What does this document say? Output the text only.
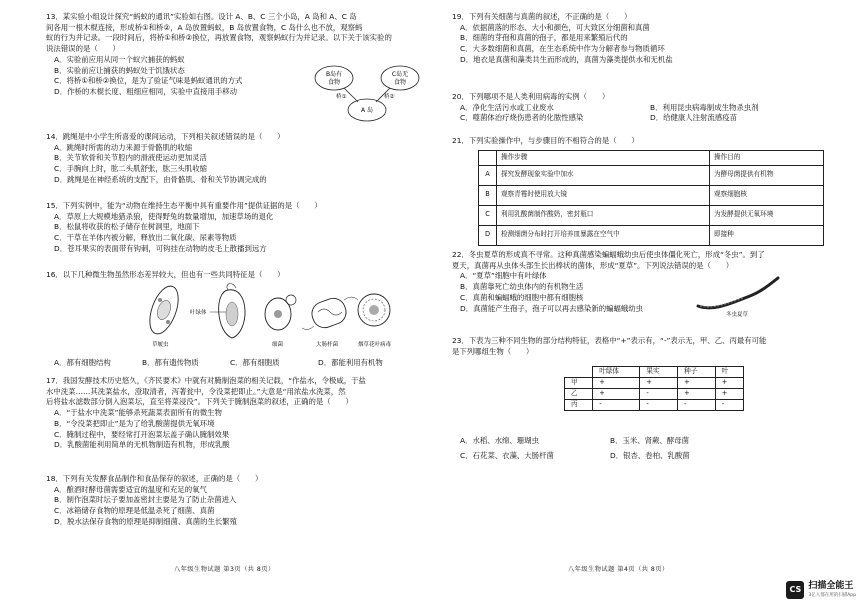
13．某实验小组设计探究“蚂蚁的通讯”实验如右图。设计 A、B、C 三个小岛，A 岛和 A、C 岛
间各用一根木棍连接，形成桥①和桥②，A 岛放置蚂蚁，B 岛放置食物，C 岛什么也不放，观察蚂
蚁的行为并记录。一段时间后，将桥①和桥②换位，再放置食物，观察蚂蚁行为并记录。以下关于该实验的
说法错误的是（　　）
A．实验前应用从同一个蚁穴捕获的蚂蚁
B．实验前应让捕获的蚂蚁处于饥饿状态
C．将桥①和桥②换位，是为了验证气味是蚂蚁通讯的方式
D．作桥的木棍长度、粗细应相同，实验中直接用手移动
B岛有
食物
C岛无
食物
A 岛
桥①	桥②
14．跳绳是中小学生所喜爱的课间运动，下列相关叙述错误的是（　　）
A．跳绳时所需的动力来源于骨骼肌的收缩
B．关节软骨和关节腔内的滑液使运动更加灵活
C．手腕向上时，肱二头肌舒张，肱三头肌收缩
D．跳绳是在神经系统的支配下，由骨骼肌、骨和关节协调完成的
15．下列实例中，能为“动物在维持生态平衡中具有重要作用”提供证据的是（　　）
A．草原上大规模地猎杀狼，使得野兔的数量增加，加速草场的退化
B．松鼠将收获的松子储存在树洞里，地面下
C．干草在羊体内被分解，释放出二氧化碳、尿素等物质
D．苍耳果实的表面带有钩刺，可钩挂在动物的皮毛上散播到远方
16．以下几种微生物虽然形态差异较大，但也有一些共同特征是（　　）
草履虫
叶绿体
细菌	大肠杆菌	烟草花叶病毒
A．都有细胞结构	B．都有遗传物质	C．都有细胞质	D．都能利用有机物
17．我国发酵技术历史悠久，《齐民要术》中就有对腌制泡菜的相关记载，“作盐水，令极咸，于盐
水中洗菜……其洗菜盐水，澄取清者，泻著瓮中，令没菜把即止。”大意是“用浓盐水洗菜，然
后将盐水滤数部分倒入泡菜坛，直至将菜浸没”。下列关于腌制泡菜的叙述，正确的是（　　）
A．“于盐水中洗菜”能够杀死蔬菜表面所有的微生物
B．“令没菜把即止”是为了给乳酸菌提供无氧环境
C．腌制过程中，要经常打开泡菜坛盖子确认腌制效果
D．乳酸菌能利用简单的无机物制造有机物，形成乳酸
18．下列有关发酵食品制作和食品保存的叙述，正确的是（　　）
A．酿酒时酵母菌需要适宜的温度和充足的氧气
B．制作泡菜时坛子要加盖密封主要是为了防止杂菌进入
C．冰箱储存食物的原理是低温杀死了细菌、真菌
D．脱水法保存食物的原理是抑制细菌、真菌的生长繁殖
八年级生物试题 第3页（共 8页）
19．下列有关细菌与真菌的叙述，不正确的是（　　）
A．依据菌落的形态、大小和颜色，可大致区分细菌和真菌
B．细菌的芽孢和真菌的孢子，都是用来繁殖后代的
C．大多数细菌和真菌，在生态系统中作为分解者参与物质循环
D．地衣是真菌和藻类共生而形成的，真菌为藻类提供水和无机盐
20．下列哪项不是人类利用病毒的实例（　　）
A．净化生活污水或工业废水	B．利用昆虫病毒制成生物杀虫剂
C．噬菌体治疗烧伤患者的化脓性感染	D．给健康人注射流感疫苗
21．下列实验操作中，与步骤目的不相符合的是（　　）
	操作步骤	操作目的
A	探究发酵现象实验中加水	为酵母菌提供有机物
B	观察青霉时使用放大镜	观察细胞核
C	利用乳酸菌制作酸奶，密封瓶口	为发酵提供无氧环境
D	检测细菌分布时打开培养皿暴露在空气中	即接种
22．冬虫夏草的形成真不寻常。这种真菌感染蝙蝠蛾幼虫后使虫体僵化死亡，形成“冬虫”。到了
夏天，真菌再从虫体头部生长出棒状的菌体，形成“夏草”。下列说法错误的是（　　）
A．“夏草”细胞中有叶绿体
B．真菌靠死亡幼虫体内的有机物生活
C．真菌和蝙蝠蛾的细胞中都有细胞核
D．真菌能产生孢子，孢子可以再去感染新的蝙蝠蛾幼虫
冬虫夏草
23．下表为三种不同生物的部分结构特征，表格中“+”表示有，“-”表示无，甲、乙、丙最有可能
是下列哪组生物（　　）
	叶绿体	果实	种子	叶
甲	+	+	+	+
乙	+	-	+	+
丙	-	-	-	-
A．水稻、水绵、珊瑚虫	B．玉米、肾蕨、酵母菌
C．石花菜、衣藻、大肠杆菌	D．银杏、卷柏、乳酸菌
八年级生物试题 第4页（共 8页）
CS 扫描全能王
3亿人都在用的扫描App
